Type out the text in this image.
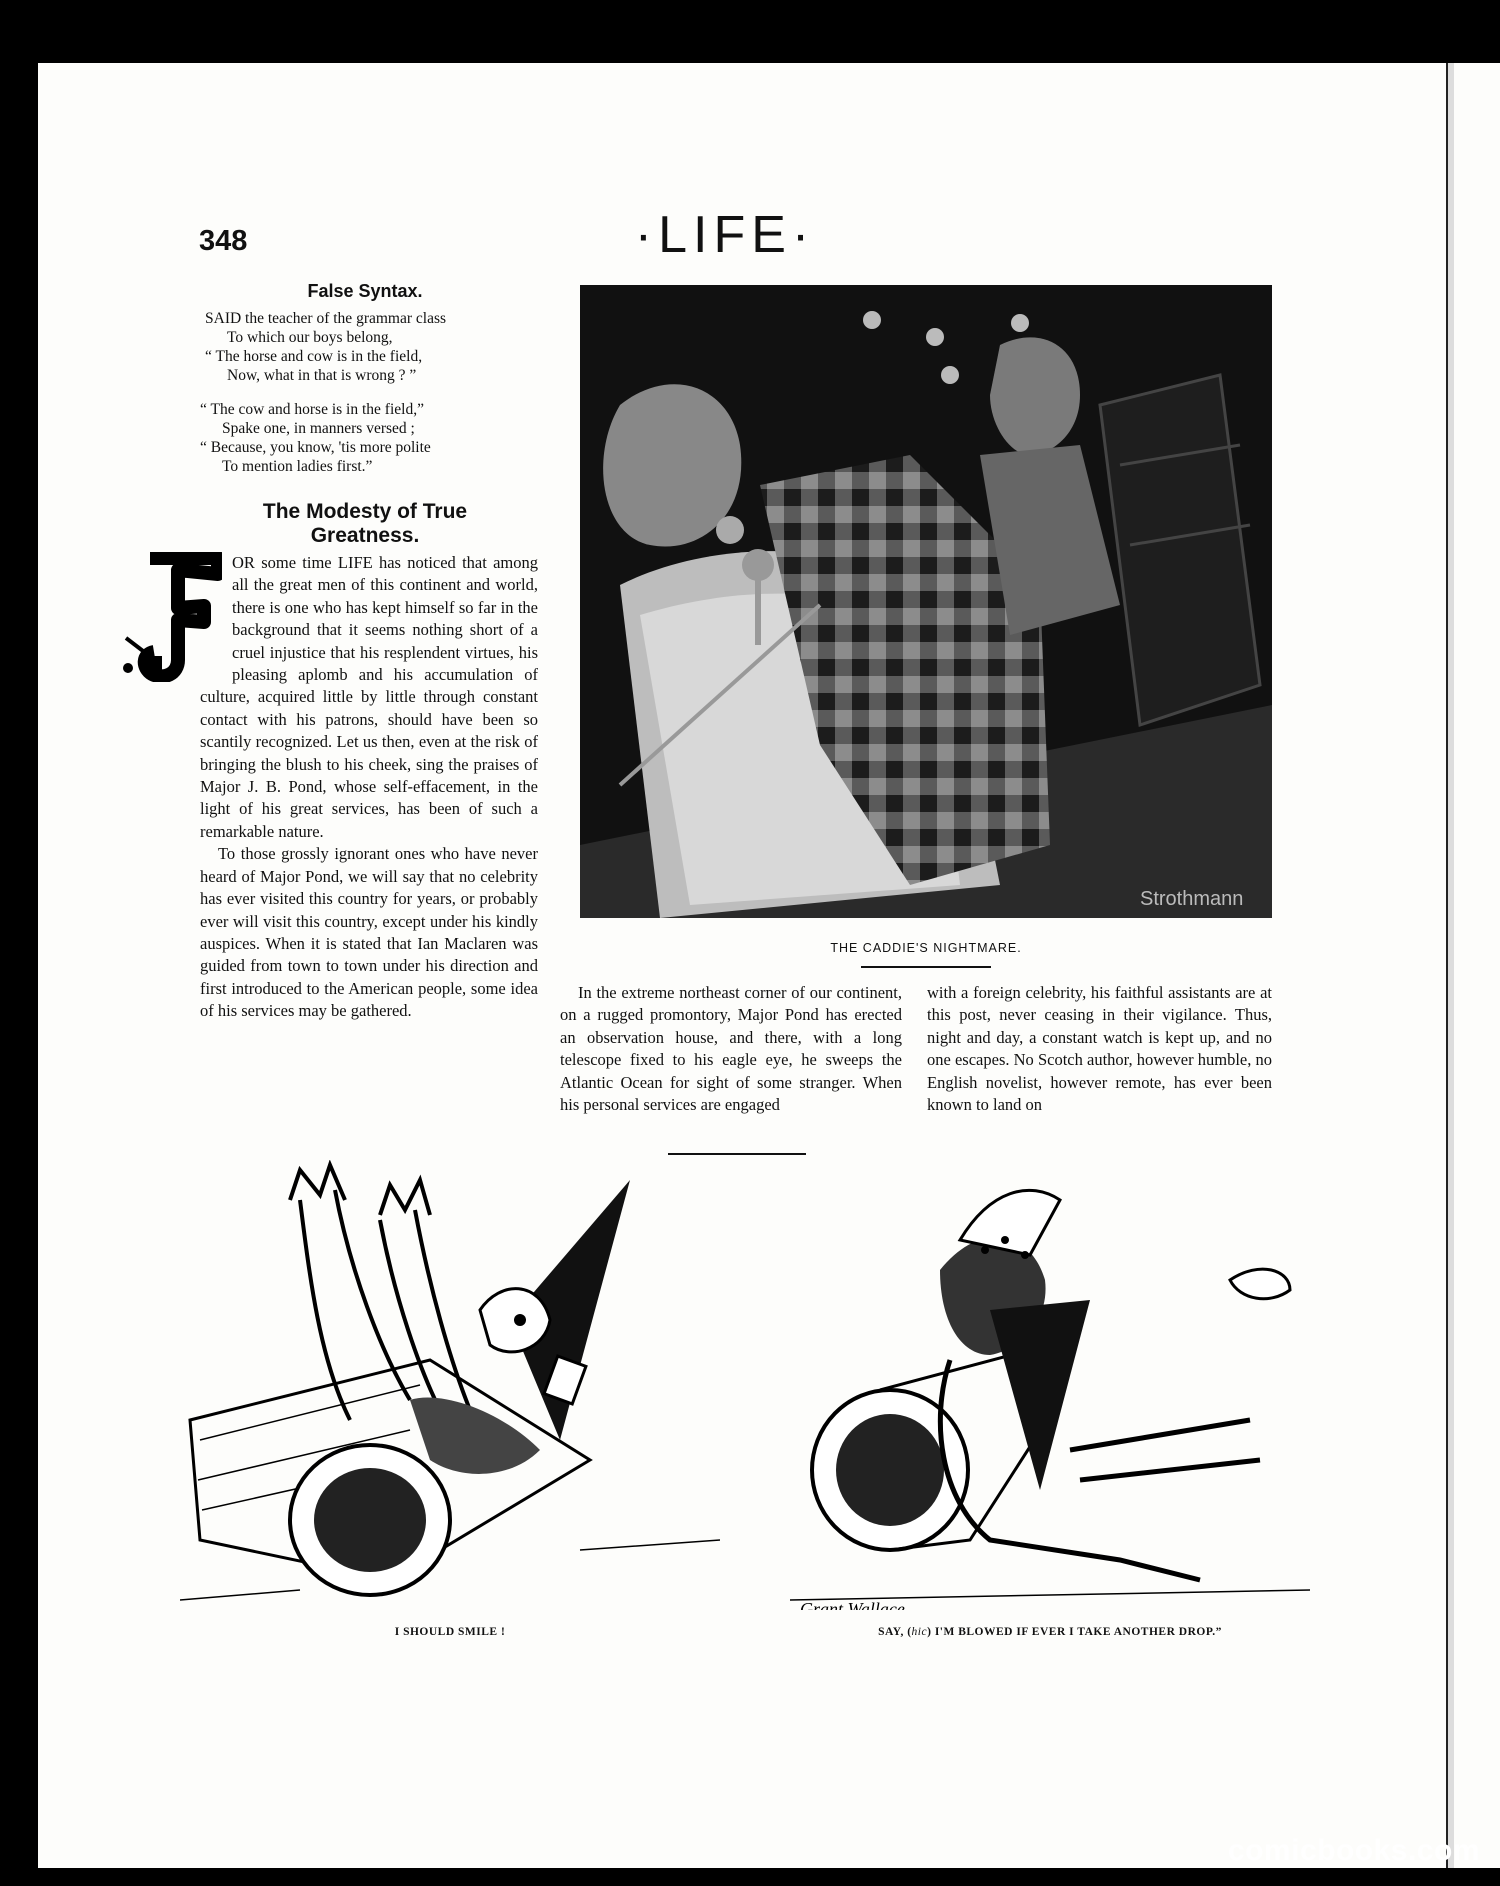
348	·LIFE·
False Syntax.

SAID the teacher of the grammar class

To which our boys belong,

“ The horse and cow is in the field,

Now, what in that is wrong ? ”

“ The cow and horse is in the field,”

Spake one, in manners versed ;

“ Because, you know, 'tis more polite

To mention ladies first.”

The Modesty of True
Greatness.

OR some time LIFE has noticed that among all the great men of this continent and world, there is one who has kept himself so far in the background that it seems nothing short of a cruel injustice that his resplendent virtues, his pleasing aplomb and his accumulation of culture, acquired little by little through constant contact with his patrons, should have been so scantily recognized. Let us then, even at the risk of bringing the blush to his cheek, sing the praises of Major J. B. Pond, whose self-effacement, in the light of his great services, has been of such a remarkable nature.

To those grossly ignorant ones who have never heard of Major Pond, we will say that no celebrity has ever visited this country for years, or probably ever will visit this country, except under his kindly auspices. When it is stated that Ian Maclaren was guided from town to town under his direction and first introduced to the American people, some idea of his services may be gathered.

Strothmann
THE CADDIE'S NIGHTMARE.

In the extreme northeast corner of our continent, on a rugged promontory, Major Pond has erected an observation house, and there, with a long telescope fixed to his eagle eye, he sweeps the Atlantic Ocean for sight of some stranger. When his personal services are engaged

with a foreign celebrity, his faithful assistants are at this post, never ceasing in their vigilance. Thus, night and day, a constant watch is kept up, and no one escapes. No Scotch author, however humble, no English novelist, however remote, has ever been known to land on

I SHOULD SMILE !
Grant Wallace
SAY, (hic) I'M BLOWED IF EVER I TAKE ANOTHER DROP.”
comicbooks.com
